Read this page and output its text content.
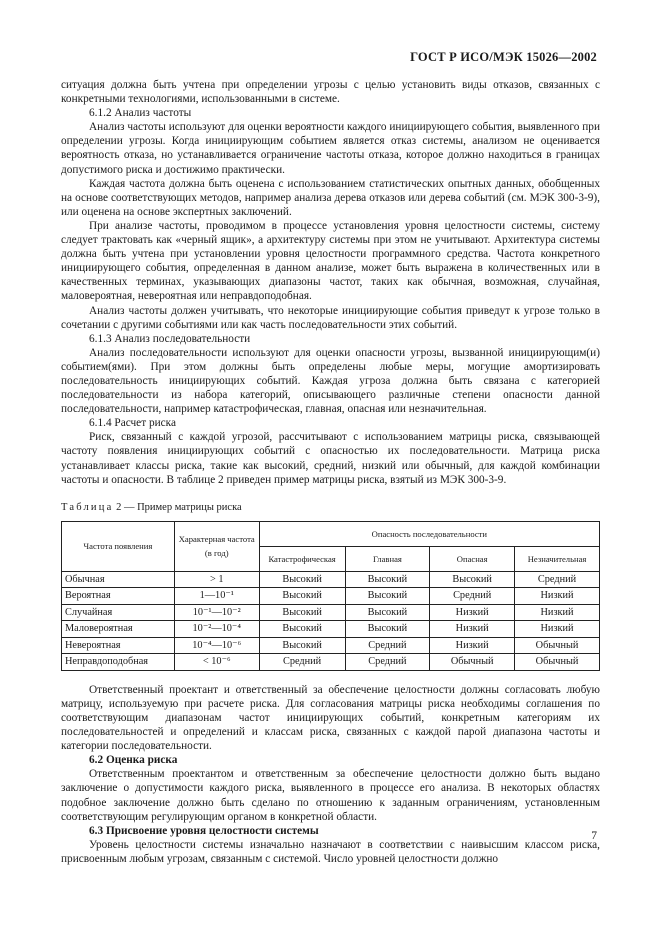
ГОСТ Р ИСО/МЭК 15026—2002

ситуация должна быть учтена при определении угрозы с целью установить виды отказов, связанных с конкретными технологиями, использованными в системе.

6.1.2 Анализ частоты

Анализ частоты используют для оценки вероятности каждого инициирующего события, выявленного при определении угрозы. Когда инициирующим событием является отказ системы, анализом не оценивается вероятность отказа, но устанавливается ограничение частоты отказа, которое должно находиться в границах допустимого риска и достижимо практически.

Каждая частота должна быть оценена с использованием статистических опытных данных, обобщенных на основе соответствующих методов, например анализа дерева отказов или дерева событий (см. МЭК 300-3-9), или оценена на основе экспертных заключений.

При анализе частоты, проводимом в процессе установления уровня целостности системы, систему следует трактовать как «черный ящик», а архитектуру системы при этом не учитывают. Архитектура системы должна быть учтена при установлении уровня целостности программного средства. Частота конкретного инициирующего события, определенная в данном анализе, может быть выражена в количественных или в качественных терминах, указывающих диапазоны частот, таких как обычная, возможная, случайная, маловероятная, невероятная или неправдоподобная.

Анализ частоты должен учитывать, что некоторые инициирующие события приведут к угрозе только в сочетании с другими событиями или как часть последовательности этих событий.

6.1.3 Анализ последовательности

Анализ последовательности используют для оценки опасности угрозы, вызванной инициирующим(и) событием(ями). При этом должны быть определены любые меры, могущие амортизировать последовательность инициирующих событий. Каждая угроза должна быть связана с категорией последовательности из набора категорий, описывающего различные степени опасности данной последовательности, например катастрофическая, главная, опасная или незначительная.

6.1.4 Расчет риска

Риск, связанный с каждой угрозой, рассчитывают с использованием матрицы риска, связывающей частоту появления инициирующих событий с опасностью их последовательности. Матрица риска устанавливает классы риска, такие как высокий, средний, низкий или обычный, для каждой комбинации частоты и опасности. В таблице 2 приведен пример матрицы риска, взятый из МЭК 300-3-9.

Таблица 2 — Пример матрицы риска

Частота появления	Характерная частота (в год)	Опасность последовательности			
		Катастрофическая	Главная	Опасная	Незначительная
Обычная	> 1	Высокий	Высокий	Высокий	Средний
Вероятная	1—10⁻¹	Высокий	Высокий	Средний	Низкий
Случайная	10⁻¹—10⁻²	Высокий	Высокий	Низкий	Низкий
Маловероятная	10⁻²—10⁻⁴	Высокий	Высокий	Низкий	Низкий
Невероятная	10⁻⁴—10⁻⁶	Высокий	Средний	Низкий	Обычный
Неправдоподобная	< 10⁻⁶	Средний	Средний	Обычный	Обычный

Ответственный проектант и ответственный за обеспечение целостности должны согласовать любую матрицу, используемую при расчете риска. Для согласования матрицы риска необходимы соглашения по соответствующим диапазонам частот инициирующих событий, конкретным категориям их последовательностей и определений и классам риска, связанных с каждой парой диапазона частоты и категории последовательности.

6.2 Оценка риска

Ответственным проектантом и ответственным за обеспечение целостности должно быть выдано заключение о допустимости каждого риска, выявленного в процессе его анализа. В некоторых областях подобное заключение должно быть сделано по отношению к заданным ограничениям, установленным соответствующим регулирующим органом в конкретной области.

6.3 Присвоение уровня целостности системы

Уровень целостности системы изначально назначают в соответствии с наивысшим классом риска, присвоенным любым угрозам, связанным с системой. Число уровней целостности должно

7
